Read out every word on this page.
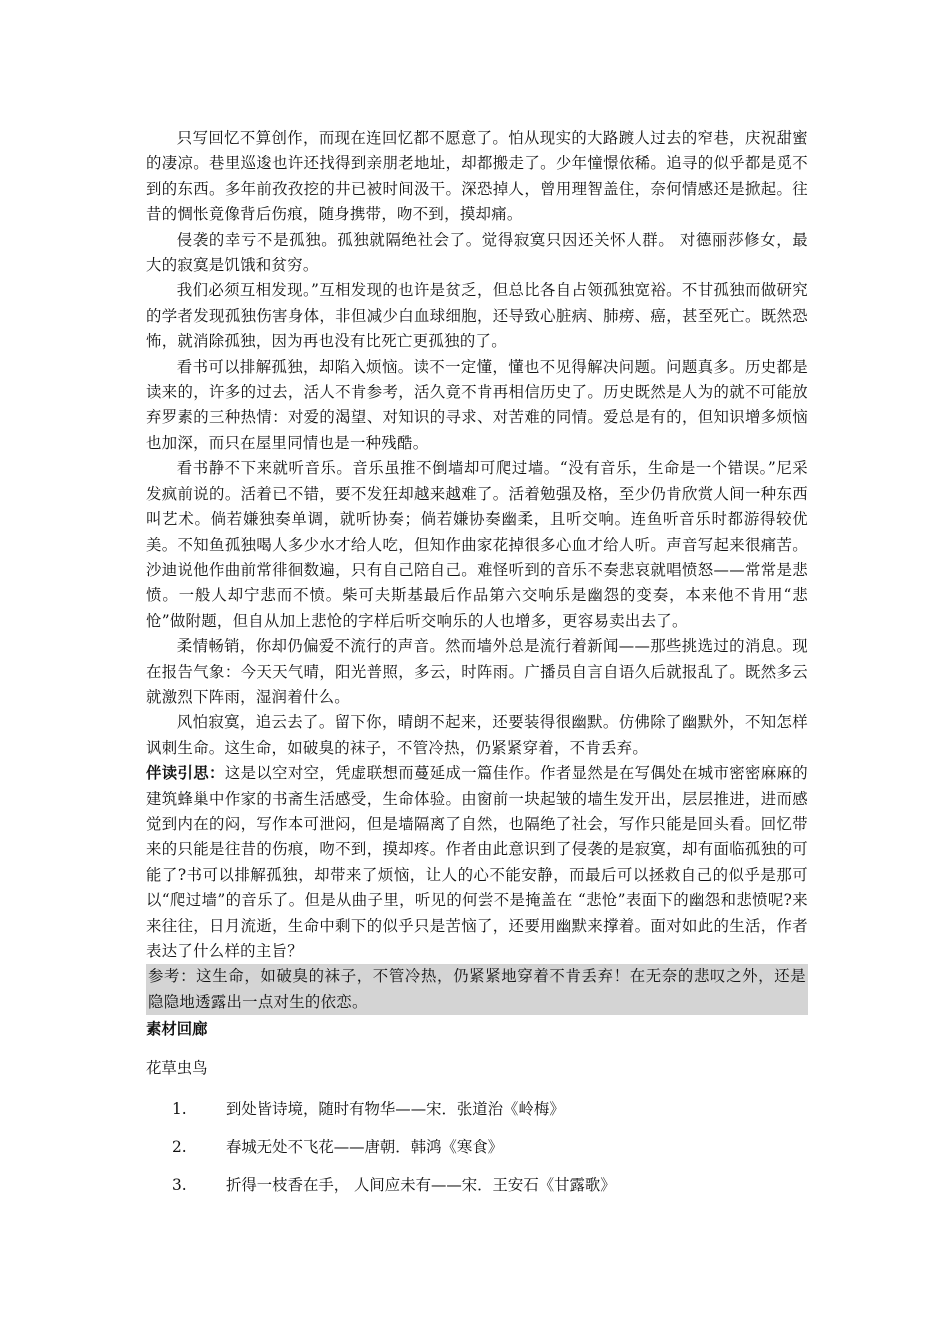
只写回忆不算创作，而现在连回忆都不愿意了。怕从现实的大路踱人过去的窄巷，庆祝甜蜜的凄凉。巷里巡逡也许还找得到亲朋老地址，却都搬走了。少年憧憬依稀。追寻的似乎都是觅不到的东西。多年前孜孜挖的井已被时间汲干。深恐掉人，曾用理智盖住，奈何情感还是掀起。往昔的惆怅竟像背后伤痕，随身携带，吻不到，摸却痛。

侵袭的幸亏不是孤独。孤独就隔绝社会了。觉得寂寞只因还关怀人群。 对德丽莎修女，最大的寂寞是饥饿和贫穷。

我们必须互相发现。”互相发现的也许是贫乏，但总比各自占领孤独宽裕。不甘孤独而做研究的学者发现孤独伤害身体，非但减少白血球细胞，还导致心脏病、肺痨、癌，甚至死亡。既然恐怖，就消除孤独，因为再也没有比死亡更孤独的了。

看书可以排解孤独，却陷入烦恼。读不一定懂，懂也不见得解决问题。问题真多。历史都是读来的，许多的过去，活人不肯参考，活久竟不肯再相信历史了。历史既然是人为的就不可能放弃罗素的三种热情：对爱的渴望、对知识的寻求、对苦难的同情。爱总是有的，但知识增多烦恼也加深，而只在屋里同情也是一种残酷。

看书静不下来就听音乐。音乐虽推不倒墙却可爬过墙。“没有音乐，生命是一个错误。”尼采发疯前说的。活着已不错，要不发狂却越来越难了。活着勉强及格，至少仍肯欣赏人间一种东西叫艺术。倘若嫌独奏单调，就听协奏；倘若嫌协奏幽柔，且听交响。连鱼听音乐时都游得较优美。不知鱼孤独喝人多少水才给人吃，但知作曲家花掉很多心血才给人听。声音写起来很痛苦。沙迪说他作曲前常徘徊数遍，只有自己陪自己。难怪听到的音乐不奏悲哀就唱愤怒——常常是悲愤。一般人却宁悲而不愤。柴可夫斯基最后作品第六交响乐是幽怨的变奏，本来他不肯用“悲怆”做附题，但自从加上悲怆的字样后听交响乐的人也增多，更容易卖出去了。

柔情畅销，你却仍偏爱不流行的声音。然而墙外总是流行着新闻——那些挑选过的消息。现在报告气象：今天天气晴，阳光普照，多云，时阵雨。广播员自言自语久后就报乱了。既然多云就激烈下阵雨，湿润着什么。

风怕寂寞，追云去了。留下你，晴朗不起来，还要装得很幽默。仿佛除了幽默外，不知怎样讽刺生命。这生命，如破臭的袜子，不管冷热，仍紧紧穿着，不肯丢弃。

伴读引思：这是以空对空，凭虚联想而蔓延成一篇佳作。作者显然是在写偶处在城市密密麻麻的建筑蜂巢中作家的书斋生活感受，生命体验。由窗前一块起皱的墙生发开出，层层推进，进而感觉到内在的闷，写作本可泄闷，但是墙隔离了自然，也隔绝了社会，写作只能是回头看。回忆带来的只能是往昔的伤痕，吻不到，摸却疼。作者由此意识到了侵袭的是寂寞，却有面临孤独的可能了?书可以排解孤独，却带来了烦恼，让人的心不能安静，而最后可以拯救自己的似乎是那可以“爬过墙”的音乐了。但是从曲子里，听见的何尝不是掩盖在 “悲怆”表面下的幽怨和悲愤呢?来来往往，日月流逝，生命中剩下的似乎只是苦恼了，还要用幽默来撑着。面对如此的生活，作者表达了什么样的主旨？

参考：这生命，如破臭的袜子，不管冷热，仍紧紧地穿着不肯丢弃！在无奈的悲叹之外，还是隐隐地透露出一点对生的依恋。

素材回廊

花草虫鸟

1.	到处皆诗境，随时有物华——宋．张道治《岭梅》
2.	春城无处不飞花——唐朝．韩鸿《寒食》
3.	折得一枝香在手， 人间应未有——宋．王安石《甘露歌》
